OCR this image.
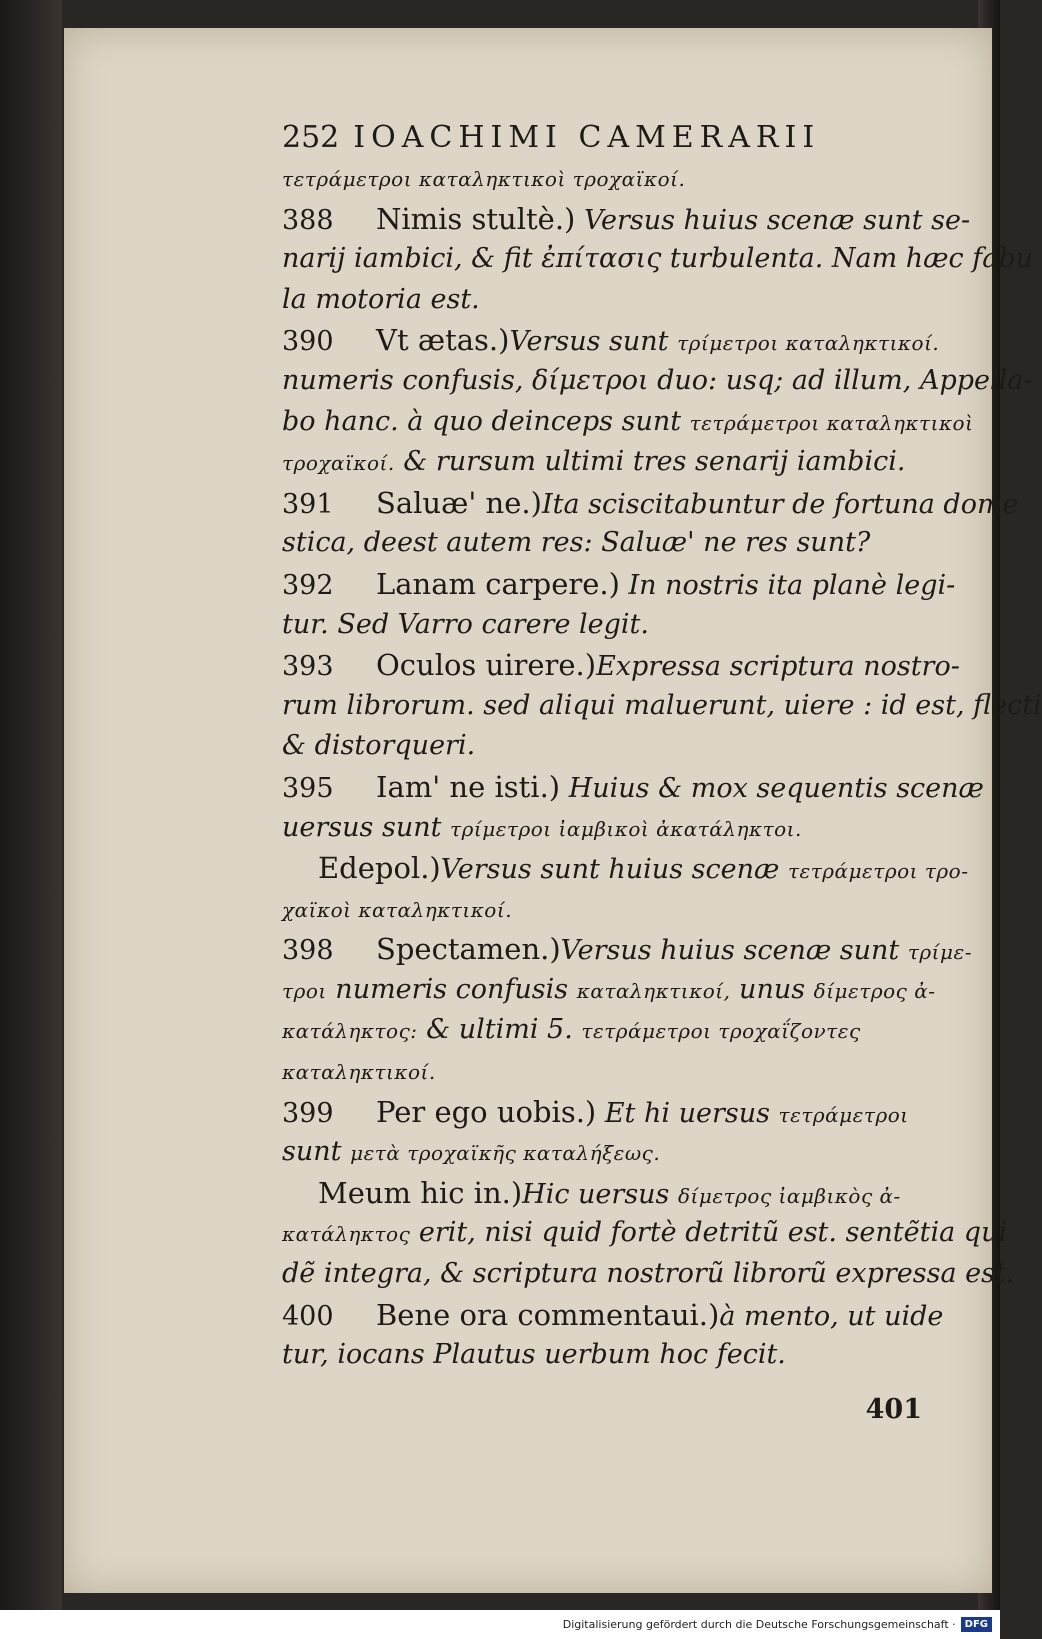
252 IOACHIMI CAMERARII
τετράμετροι καταληκτικοὶ τροχαϊκοί.
388 Nimis stultè.) Versus huius scenæ sunt se-
narij iambici, & fit ἐπίτασις turbulenta. Nam hæc fabu
la motoria est.
390 Vt ætas.)Versus sunt τρίμετροι καταληκτικοί.
numeris confusis, δίμετροι duo: usq; ad illum, Appella-
bo hanc. à quo deinceps sunt τετράμετροι καταληκτικοὶ
τροχαϊκοί. & rursum ultimi tres senarij iambici.
391 Saluæ' ne.)Ita sciscitabuntur de fortuna dome
stica, deest autem res: Saluæ' ne res sunt?
392 Lanam carpere.) In nostris ita planè legi-
tur. Sed Varro carere legit.
393 Oculos uirere.)Expressa scriptura nostro-
rum librorum. sed aliqui maluerunt, uiere : id est, flecti
& distorqueri.
395 Iam' ne isti.) Huius & mox sequentis scenæ
uersus sunt τρίμετροι ἰαμβικοὶ ἀκατάληκτοι.
Edepol.)Versus sunt huius scenæ τετράμετροι τρο-
χαϊκοὶ καταληκτικοί.
398 Spectamen.)Versus huius scenæ sunt τρίμε-
τροι numeris confusis καταληκτικοί, unus δίμετρος ἀ-
κατάληκτος: & ultimi 5. τετράμετροι τροχαΐζοντες
καταληκτικοί.
399 Per ego uobis.) Et hi uersus τετράμετροι
sunt μετὰ τροχαϊκῆς καταλήξεως.
Meum hic in.)Hic uersus δίμετρος ἰαμβικὸς ἀ-
κατάληκτος erit, nisi quid fortè detritũ est. sentẽtia qui
dẽ integra, & scriptura nostrorũ librorũ expressa est.
400 Bene ora commentaui.)à mento, ut uide
tur, iocans Plautus uerbum hoc fecit.
401
Digitalisierung gefördert durch die Deutsche Forschungsgemeinschaft · DFG
